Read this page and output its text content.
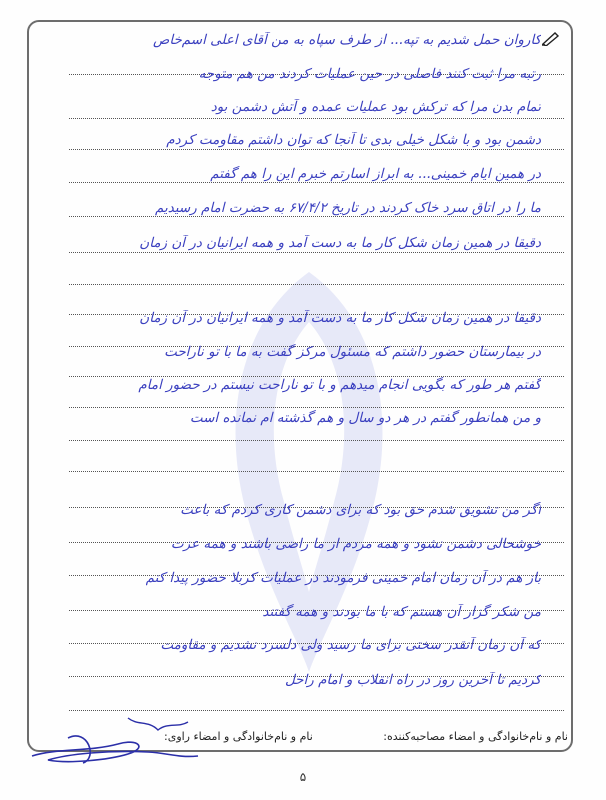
کاروان حمل شدیم به تپه... از طرف سپاه به من آقای اعلی اسم‌خاص
رتبه مرا ثبت کنند فاصلی در حین عملیات کردند من هم متوجه
تمام بدن مرا که ترکش بود عملیات عمده و آتش دشمن بود
دشمن بود و با شکل خیلی بدی تا آنجا که توان داشتم مقاومت کردم
در همین ایام خمینی... به ابراز اسارتم خبرم این را هم گفتم
ما را در اتاق سرد خاک کردند در تاریخ ۶۷/۴/۲ به حضرت امام رسیدیم
دقیقا در همین زمان شکل کار ما به دست آمد و همه ایرانیان در آن زمان
دقیقا در همین زمان شکل کار ما به دست آمد و همه ایرانیان در آن زمان
در بیمارستان حضور داشتم که مسئول مرکز گفت به ما با تو ناراحت
گفتم هر طور که بگویی انجام میدهم و با تو ناراحت نیستم در حضور امام
و من همانطور گفتم در هر دو سال و هم گذشته ام نمانده است
آگر من تشویق شدم حق بود که برای دشمن کاری کردم که باعث
خوشحالی دشمن نشود و همه مردم از ما راضی باشند و همه عزت
باز هم در آن زمان امام خمینی فرمودند در عملیات کربلا حضور پیدا کنم
من شکر گزار آن هستم که با ما بودند و همه گفتند
که آن زمان آنقدر سختی برای ما رسید ولی دلسرد نشدیم و مقاومت
کردیم تا آخرین روز در راه انقلاب و امام راحل
نام و نام‌خانوادگی و امضاء مصاحبه‌کننده:
نام و نام‌خانوادگی و امضاء راوی:
۵
